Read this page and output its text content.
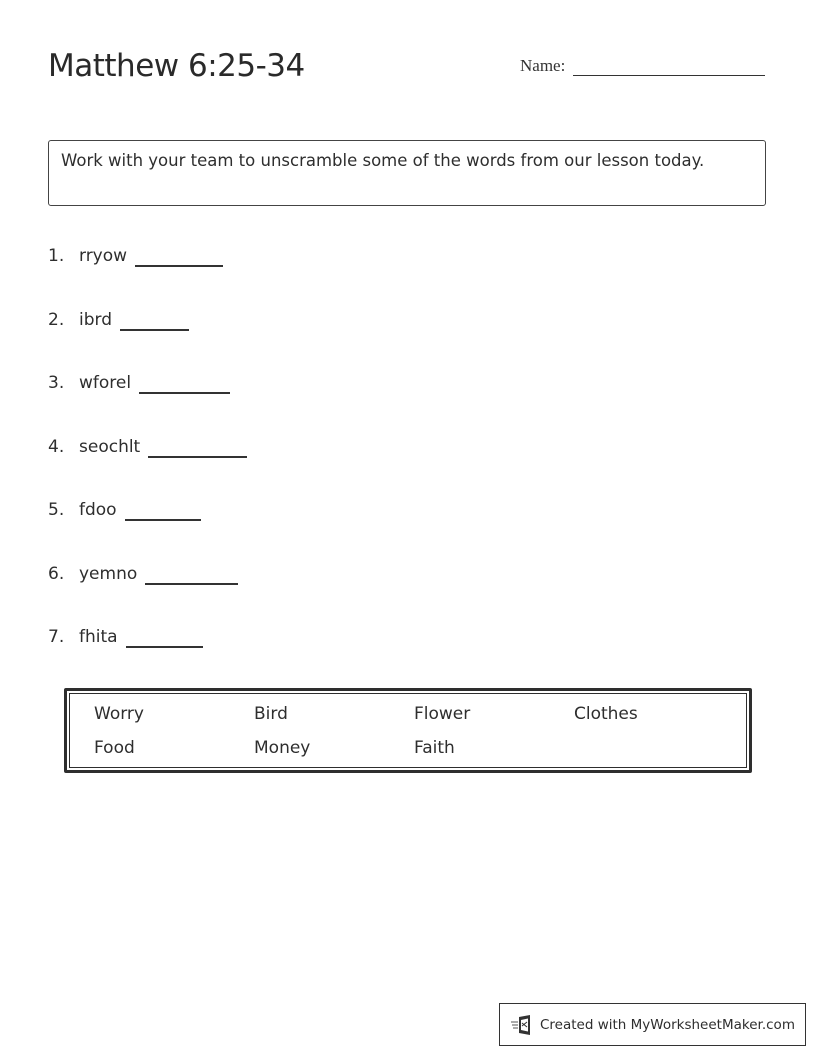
Matthew 6:25-34	Name:
Work with your team to unscramble some of the words from our lesson today.
1. rryow
2. ibrd
3. wforel
4. seochlt
5. fdoo
6. yemno
7. fhita
Worry	Bird	Flower	Clothes
Food	Money	Faith
Created with MyWorksheetMaker.com
